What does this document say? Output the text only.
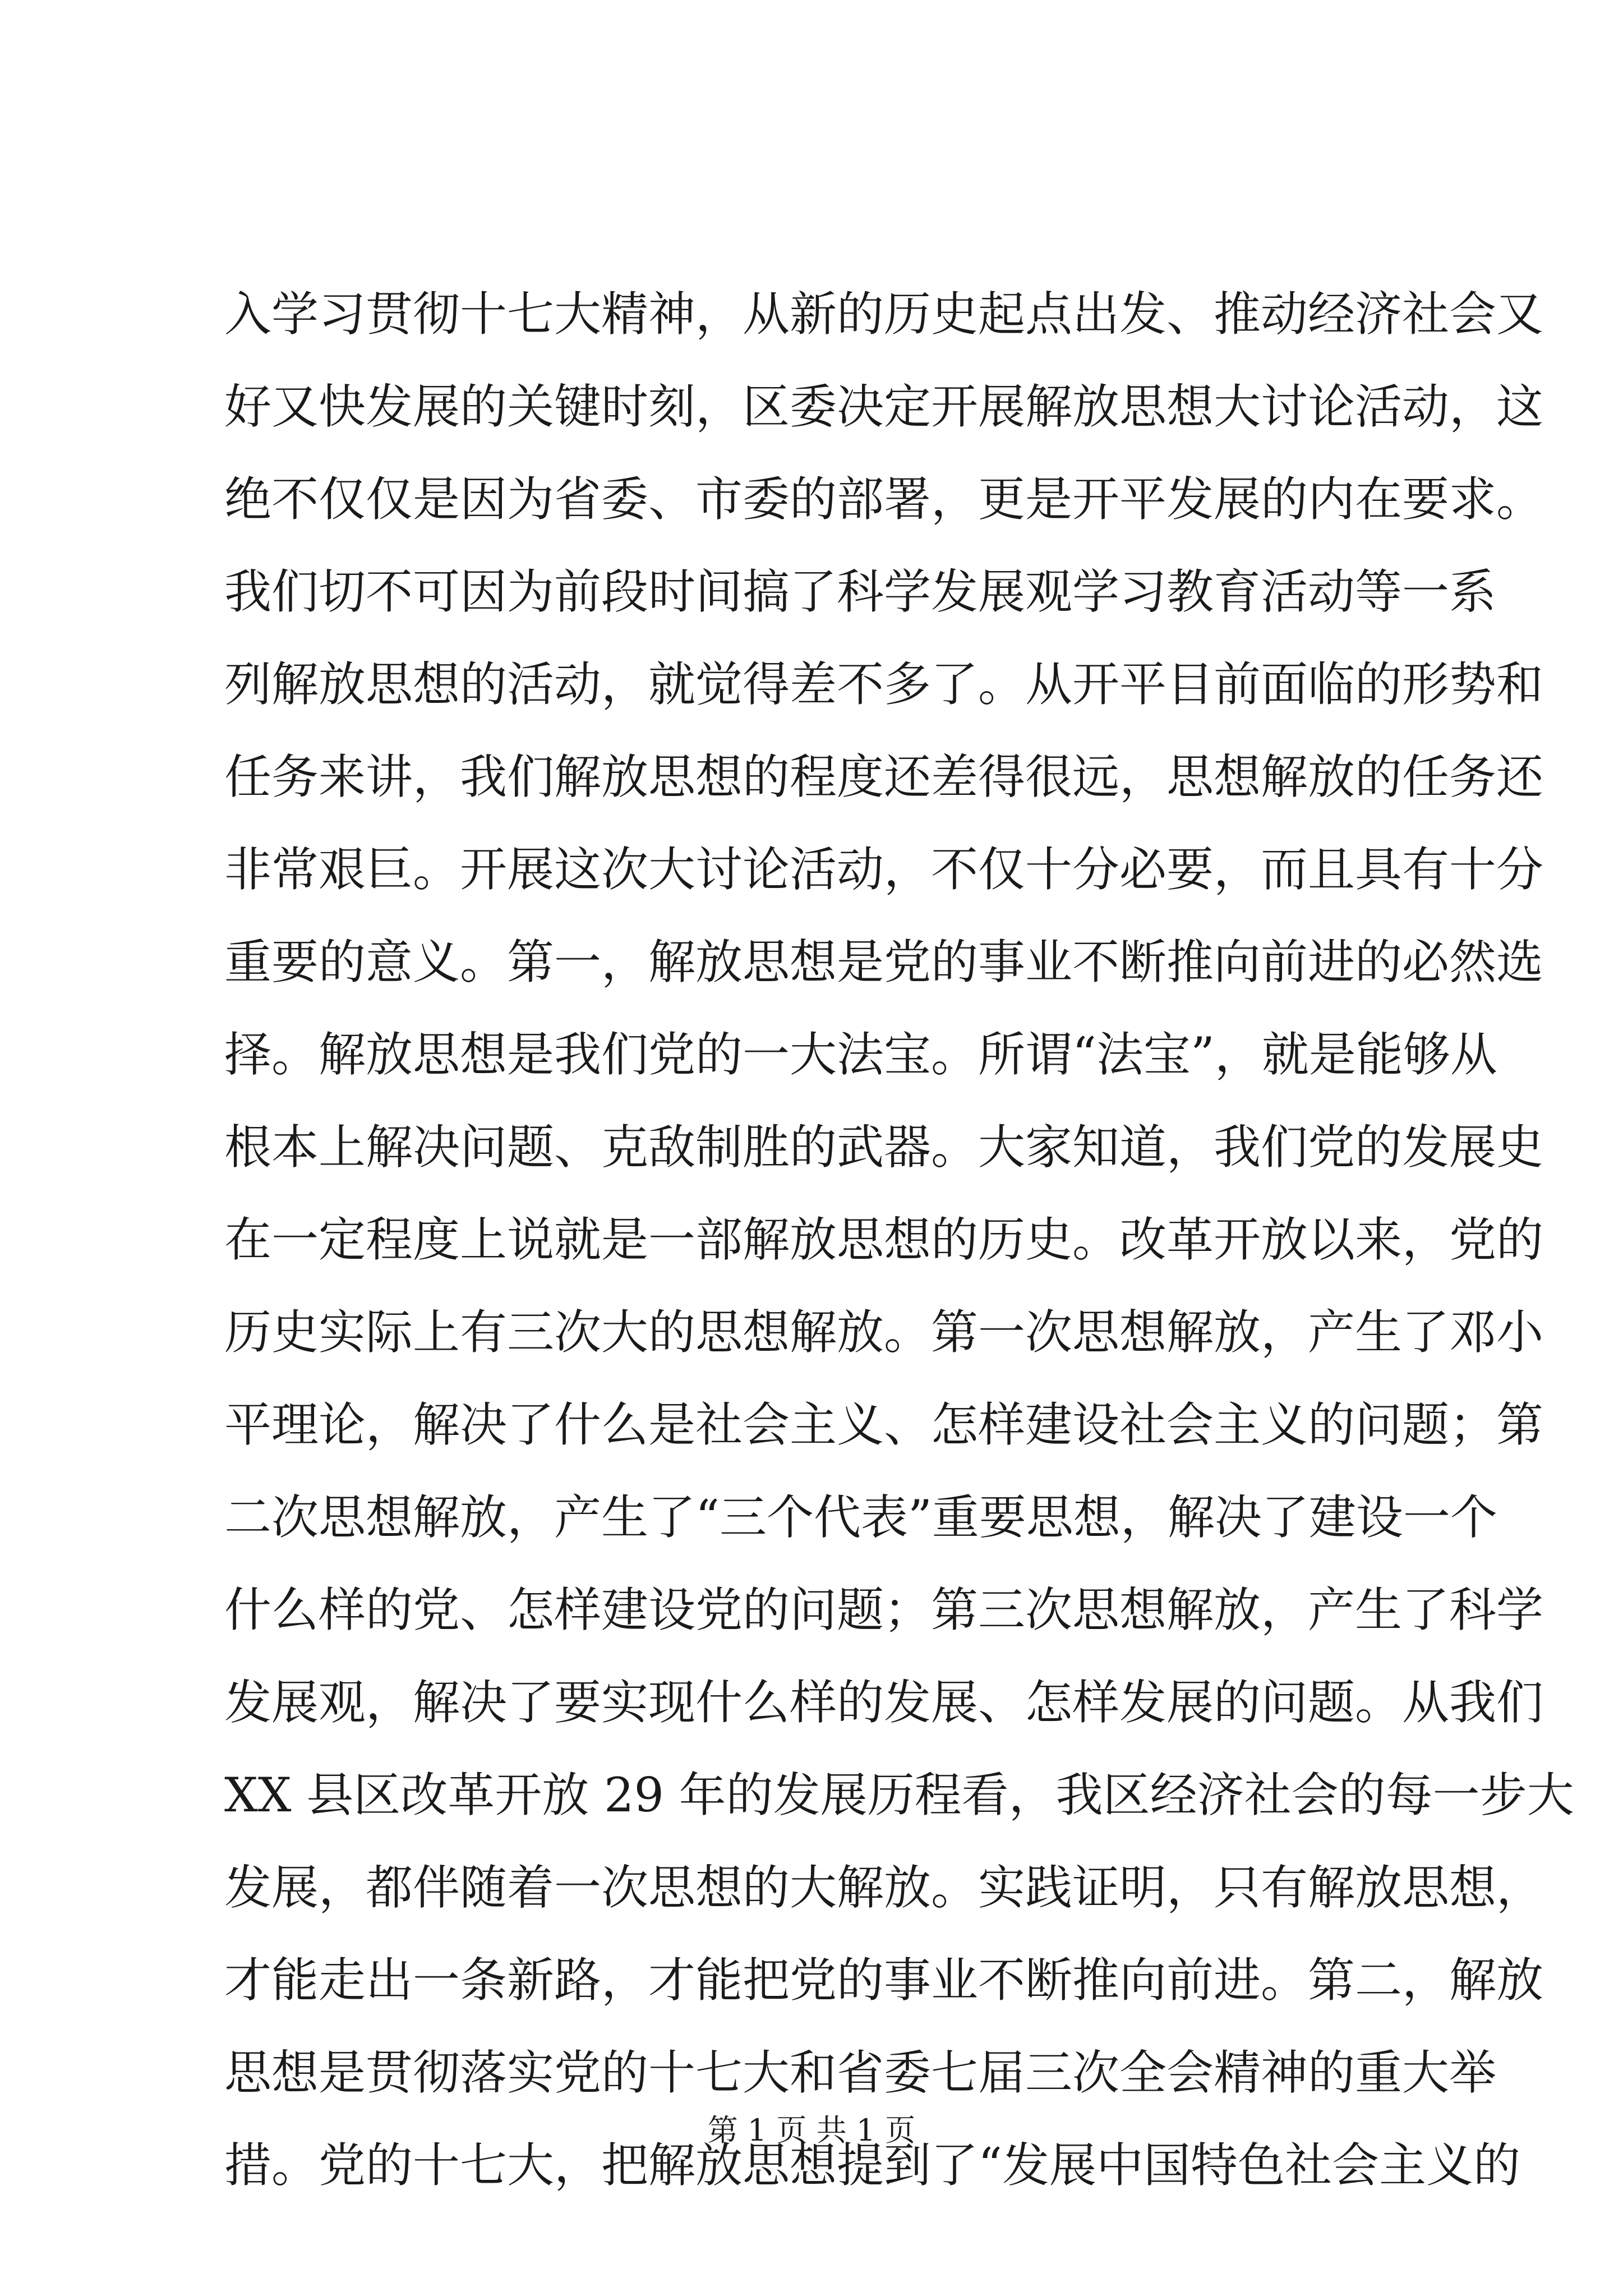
入学习贯彻十七大精神，从新的历史起点出发、推动经济社会又
好又快发展的关键时刻，区委决定开展解放思想大讨论活动，这
绝不仅仅是因为省委、市委的部署，更是开平发展的内在要求。
我们切不可因为前段时间搞了科学发展观学习教育活动等一系
列解放思想的活动，就觉得差不多了。从开平目前面临的形势和
任务来讲，我们解放思想的程度还差得很远，思想解放的任务还
非常艰巨。开展这次大讨论活动，不仅十分必要，而且具有十分
重要的意义。第一，解放思想是党的事业不断推向前进的必然选
择。解放思想是我们党的一大法宝。所谓“法宝”，就是能够从
根本上解决问题、克敌制胜的武器。大家知道，我们党的发展史
在一定程度上说就是一部解放思想的历史。改革开放以来，党的
历史实际上有三次大的思想解放。第一次思想解放，产生了邓小
平理论，解决了什么是社会主义、怎样建设社会主义的问题；第
二次思想解放，产生了“三个代表”重要思想，解决了建设一个
什么样的党、怎样建设党的问题；第三次思想解放，产生了科学
发展观，解决了要实现什么样的发展、怎样发展的问题。从我们
XX 县区改革开放 29 年的发展历程看，我区经济社会的每一步大
发展，都伴随着一次思想的大解放。实践证明，只有解放思想，
才能走出一条新路，才能把党的事业不断推向前进。第二，解放
思想是贯彻落实党的十七大和省委七届三次全会精神的重大举
措。党的十七大，把解放思想提到了“发展中国特色社会主义的
第 1 页 共 1 页
